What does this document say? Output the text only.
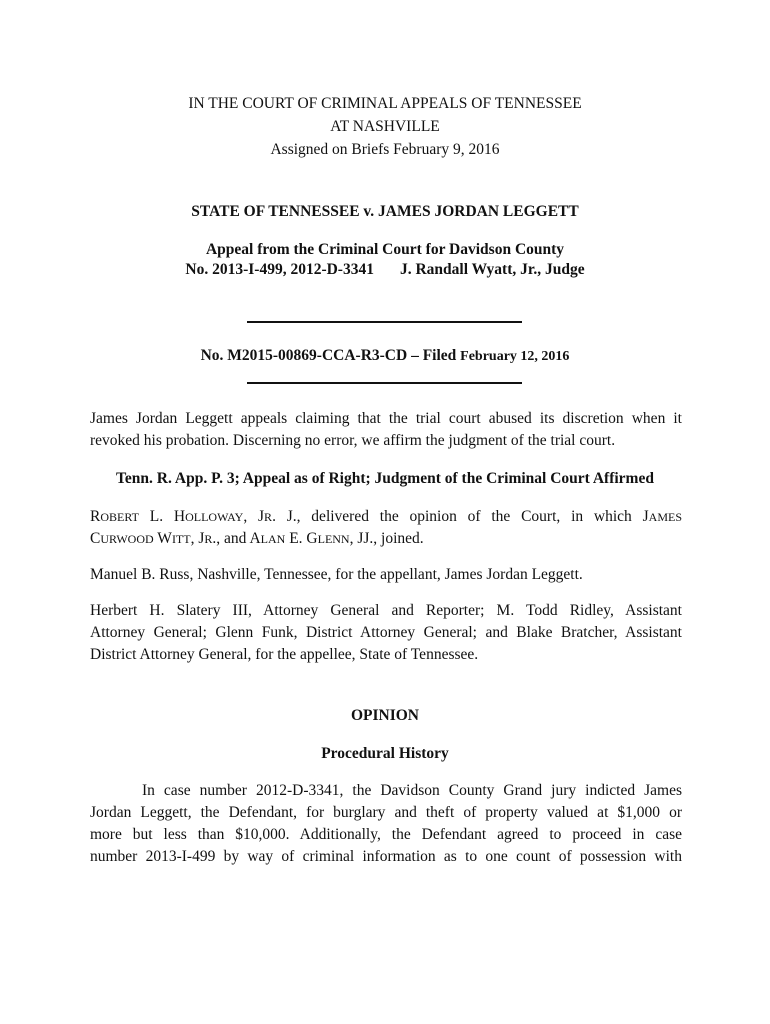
IN THE COURT OF CRIMINAL APPEALS OF TENNESSEE
AT NASHVILLE
Assigned on Briefs February 9, 2016
STATE OF TENNESSEE v. JAMES JORDAN LEGGETT
Appeal from the Criminal Court for Davidson County
No. 2013-I-499, 2012-D-3341 J. Randall Wyatt, Jr., Judge
No. M2015-00869-CCA-R3-CD – Filed February 12, 2016
James Jordan Leggett appeals claiming that the trial court abused its discretion when it
revoked his probation. Discerning no error, we affirm the judgment of the trial court.
Tenn. R. App. P. 3; Appeal as of Right; Judgment of the Criminal Court Affirmed
ROBERT L. HOLLOWAY, JR. J., delivered the opinion of the Court, in which JAMES
CURWOOD WITT, JR., and ALAN E. GLENN, JJ., joined.
Manuel B. Russ, Nashville, Tennessee, for the appellant, James Jordan Leggett.
Herbert H. Slatery III, Attorney General and Reporter; M. Todd Ridley, Assistant
Attorney General; Glenn Funk, District Attorney General; and Blake Bratcher, Assistant
District Attorney General, for the appellee, State of Tennessee.
OPINION
Procedural History
In case number 2012-D-3341, the Davidson County Grand jury indicted James
Jordan Leggett, the Defendant, for burglary and theft of property valued at $1,000 or
more but less than $10,000. Additionally, the Defendant agreed to proceed in case
number 2013-I-499 by way of criminal information as to one count of possession with
